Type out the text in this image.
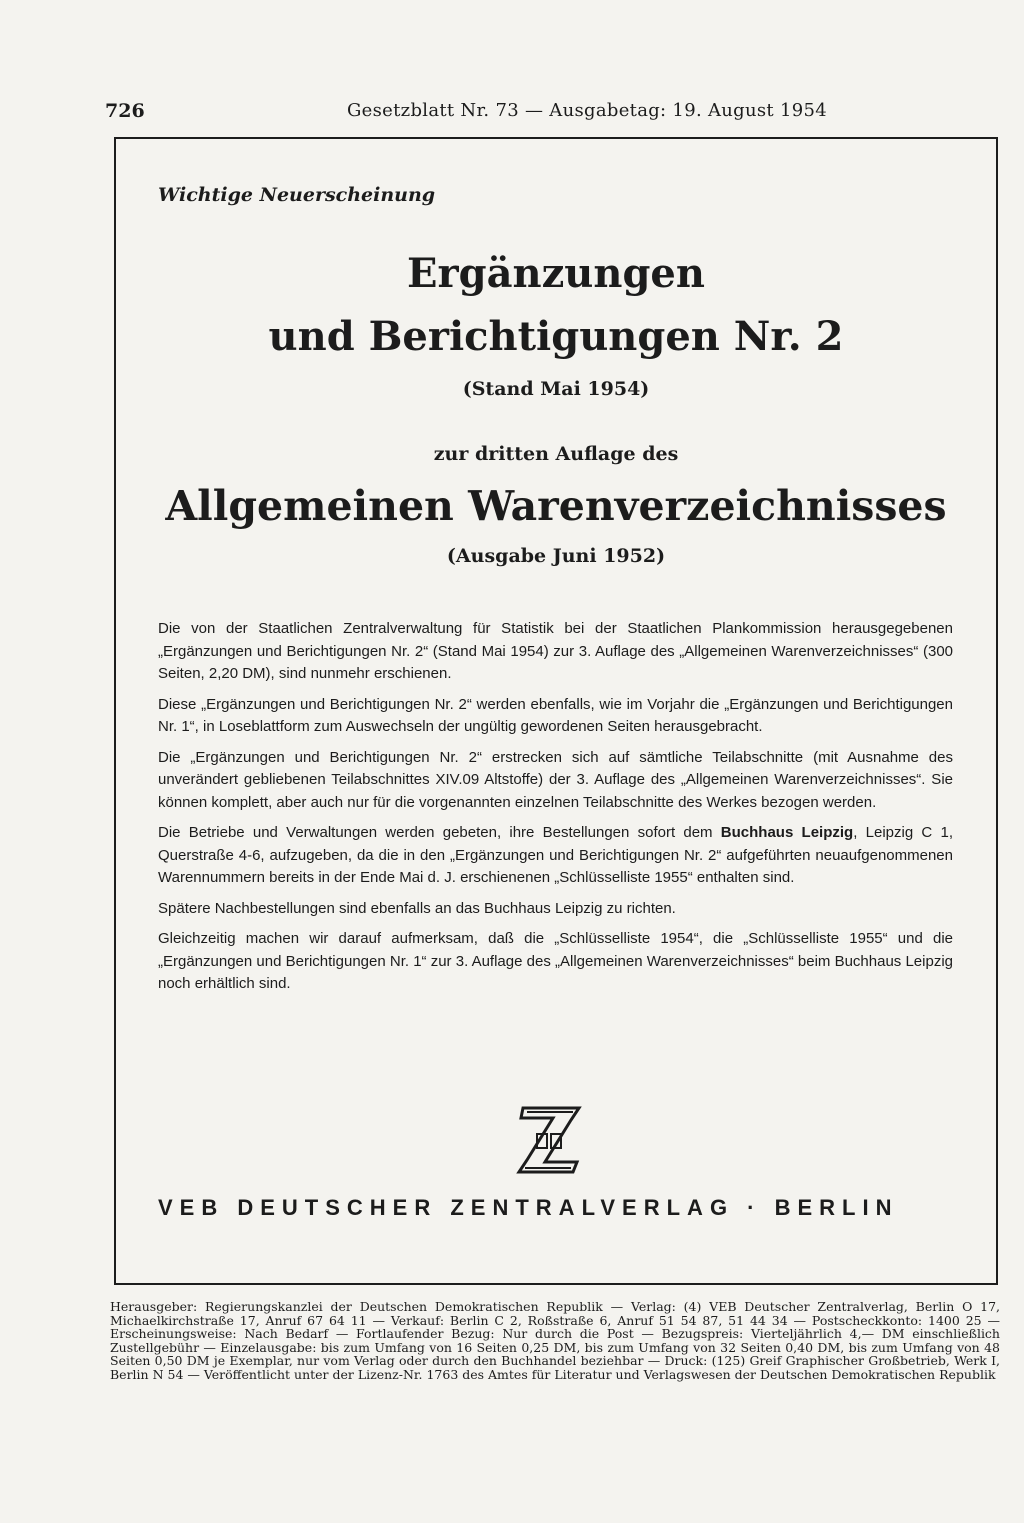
726	Gesetzblatt Nr. 73 — Ausgabetag: 19. August 1954
Wichtige Neuerscheinung
Ergänzungen
und Berichtigungen Nr. 2
(Stand Mai 1954)
zur dritten Auflage des
Allgemeinen Warenverzeichnisses
(Ausgabe Juni 1952)

Die von der Staatlichen Zentralverwaltung für Statistik bei der Staatlichen Plankommission herausgegebenen „Ergänzungen und Berichtigungen Nr. 2“ (Stand Mai 1954) zur 3. Auflage des „Allgemeinen Warenverzeichnisses“ (300 Seiten, 2,20 DM), sind nunmehr erschienen.

Diese „Ergänzungen und Berichtigungen Nr. 2“ werden ebenfalls, wie im Vorjahr die „Ergänzungen und Berichtigungen Nr. 1“, in Loseblattform zum Auswechseln der ungültig gewordenen Seiten herausgebracht.

Die „Ergänzungen und Berichtigungen Nr. 2“ erstrecken sich auf sämtliche Teilabschnitte (mit Ausnahme des unverändert gebliebenen Teilabschnittes XIV.09 Altstoffe) der 3. Auflage des „Allgemeinen Warenverzeichnisses“. Sie können komplett, aber auch nur für die vorgenannten einzelnen Teilabschnitte des Werkes bezogen werden.

Die Betriebe und Verwaltungen werden gebeten, ihre Bestellungen sofort dem Buchhaus Leipzig, Leipzig C 1, Querstraße 4-6, aufzugeben, da die in den „Ergänzungen und Berichtigungen Nr. 2“ aufgeführten neuaufgenommenen Warennummern bereits in der Ende Mai d. J. erschienenen „Schlüsselliste 1955“ enthalten sind.

Spätere Nachbestellungen sind ebenfalls an das Buchhaus Leipzig zu richten.

Gleichzeitig machen wir darauf aufmerksam, daß die „Schlüsselliste 1954“, die „Schlüsselliste 1955“ und die „Ergänzungen und Berichtigungen Nr. 1“ zur 3. Auflage des „Allgemeinen Warenverzeichnisses“ beim Buchhaus Leipzig noch erhältlich sind.

VEB DEUTSCHER ZENTRALVERLAG · BERLIN
Herausgeber: Regierungskanzlei der Deutschen Demokratischen Republik — Verlag: (4) VEB Deutscher Zentralverlag, Berlin O 17, Michaelkirchstraße 17, Anruf 67 64 11 — Verkauf: Berlin C 2, Roßstraße 6, Anruf 51 54 87, 51 44 34 — Postscheckkonto: 1400 25 — Erscheinungsweise: Nach Bedarf — Fortlaufender Bezug: Nur durch die Post — Bezugspreis: Vierteljährlich 4,— DM einschließlich Zustellgebühr — Einzelausgabe: bis zum Umfang von 16 Seiten 0,25 DM, bis zum Umfang von 32 Seiten 0,40 DM, bis zum Umfang von 48 Seiten 0,50 DM je Exemplar, nur vom Verlag oder durch den Buchhandel beziehbar — Druck: (125) Greif Graphischer Großbetrieb, Werk I, Berlin N 54 — Veröffentlicht unter der Lizenz-Nr. 1763 des Amtes für Literatur und Verlagswesen der Deutschen Demokratischen Republik
